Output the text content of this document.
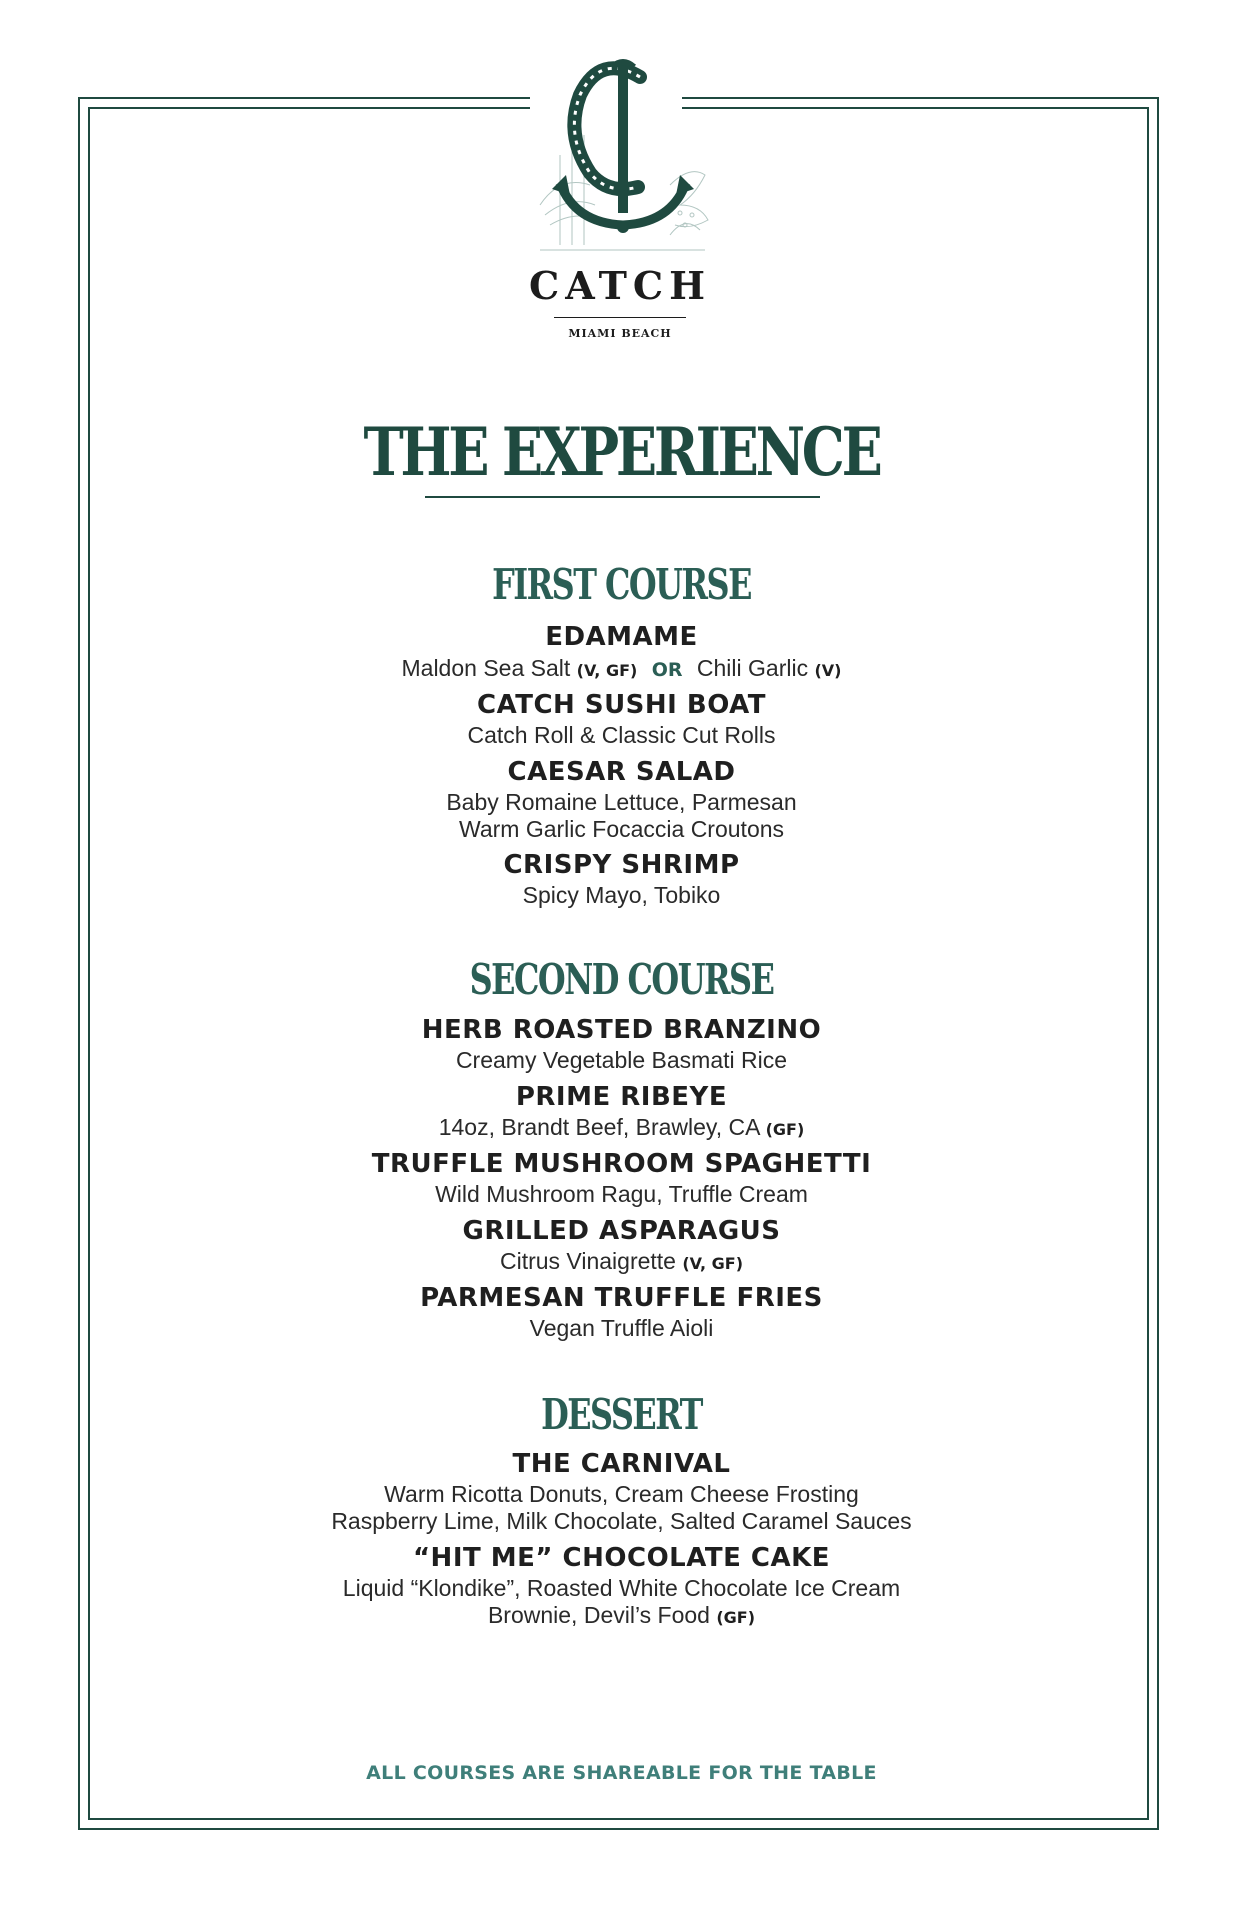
CATCH
MIAMI BEACH
THE EXPERIENCE
FIRST COURSE
EDAMAME
Maldon Sea Salt (V, GF) OR Chili Garlic (V)
CATCH SUSHI BOAT
Catch Roll & Classic Cut Rolls
CAESAR SALAD
Baby Romaine Lettuce, Parmesan
Warm Garlic Focaccia Croutons
CRISPY SHRIMP
Spicy Mayo, Tobiko
SECOND COURSE
HERB ROASTED BRANZINO
Creamy Vegetable Basmati Rice
PRIME RIBEYE
14oz, Brandt Beef, Brawley, CA (GF)
TRUFFLE MUSHROOM SPAGHETTI
Wild Mushroom Ragu, Truffle Cream
GRILLED ASPARAGUS
Citrus Vinaigrette (V, GF)
PARMESAN TRUFFLE FRIES
Vegan Truffle Aioli
DESSERT
THE CARNIVAL
Warm Ricotta Donuts, Cream Cheese Frosting
Raspberry Lime, Milk Chocolate, Salted Caramel Sauces
“HIT ME” CHOCOLATE CAKE
Liquid “Klondike”, Roasted White Chocolate Ice Cream
Brownie, Devil’s Food (GF)
ALL COURSES ARE SHAREABLE FOR THE TABLE
